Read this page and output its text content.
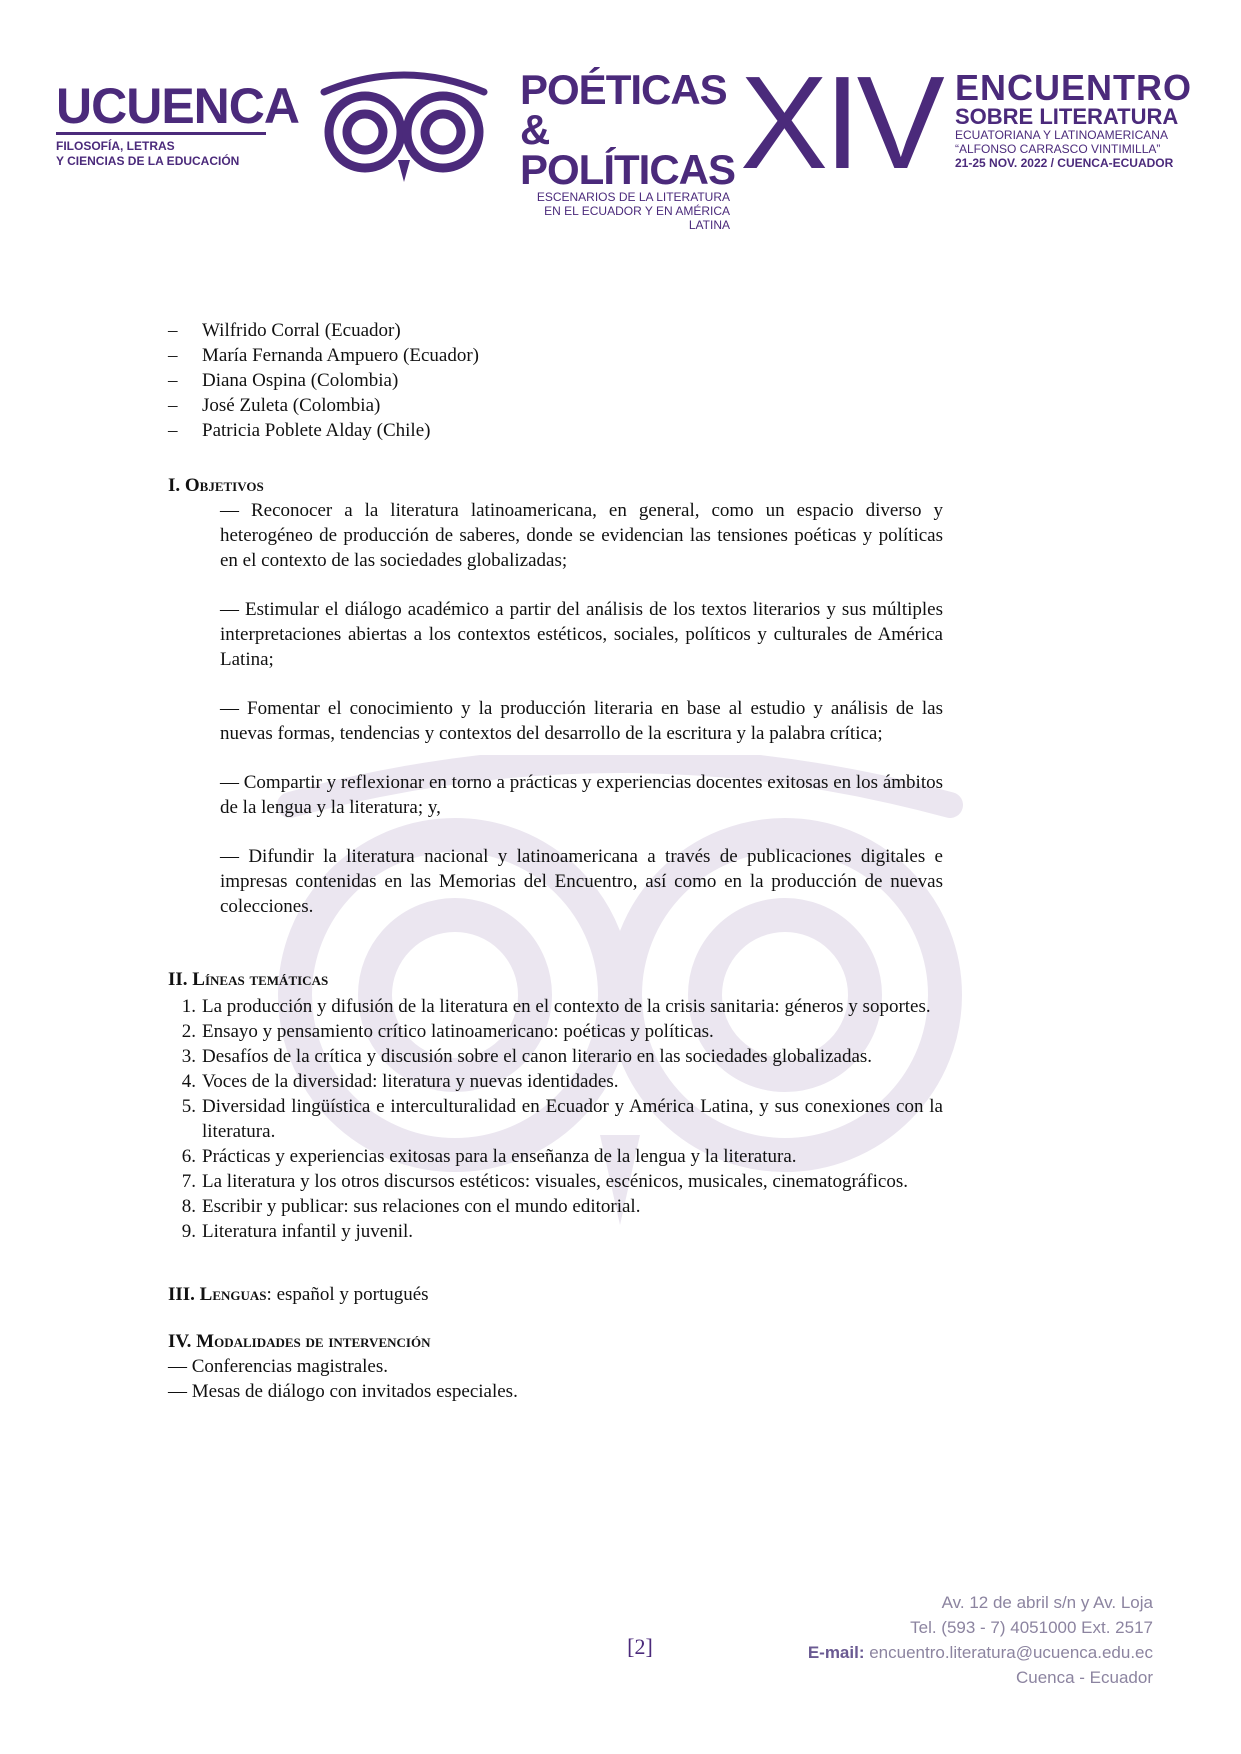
UCUENCA
FILOSOFÍA, LETRAS
Y CIENCIAS DE LA EDUCACIÓN
POÉTICAS
& POLÍTICAS
ESCENARIOS DE LA LITERATURA
EN EL ECUADOR Y EN AMÉRICA LATINA
XIV ENCUENTRO
SOBRE LITERATURA
ECUATORIANA Y LATINOAMERICANA
“ALFONSO CARRASCO VINTIMILLA”
21-25 NOV. 2022 / CUENCA-ECUADOR
–	Wilfrido Corral (Ecuador)
–	María Fernanda Ampuero (Ecuador)
–	Diana Ospina (Colombia)
–	José Zuleta (Colombia)
–	Patricia Poblete Alday (Chile)
I. Objetivos
— Reconocer a la literatura latinoamericana, en general, como un espacio diverso y heterogéneo de producción de saberes, donde se evidencian las tensiones poéticas y políticas en el contexto de las sociedades globalizadas;
— Estimular el diálogo académico a partir del análisis de los textos literarios y sus múltiples interpretaciones abiertas a los contextos estéticos, sociales, políticos y culturales de América Latina;
— Fomentar el conocimiento y la producción literaria en base al estudio y análisis de las nuevas formas, tendencias y contextos del desarrollo de la escritura y la palabra crítica;
— Compartir y reflexionar en torno a prácticas y experiencias docentes exitosas en los ámbitos de la lengua y la literatura; y,
— Difundir la literatura nacional y latinoamericana a través de publicaciones digitales e impresas contenidas en las Memorias del Encuentro, así como en la producción de nuevas colecciones.
II. Líneas temáticas
1. La producción y difusión de la literatura en el contexto de la crisis sanitaria: géneros y soportes.
2. Ensayo y pensamiento crítico latinoamericano: poéticas y políticas.
3. Desafíos de la crítica y discusión sobre el canon literario en las sociedades globalizadas.
4. Voces de la diversidad: literatura y nuevas identidades.
5. Diversidad lingüística e interculturalidad en Ecuador y América Latina, y sus conexiones con la literatura.
6. Prácticas y experiencias exitosas para la enseñanza de la lengua y la literatura.
7. La literatura y los otros discursos estéticos: visuales, escénicos, musicales, cinematográficos.
8. Escribir y publicar: sus relaciones con el mundo editorial.
9. Literatura infantil y juvenil.
III. Lenguas: español y portugués
IV. Modalidades de intervención
— Conferencias magistrales.
— Mesas de diálogo con invitados especiales.
[2]
Av. 12 de abril s/n y Av. Loja
Tel. (593 - 7) 4051000 Ext. 2517
E-mail: encuentro.literatura@ucuenca.edu.ec
Cuenca - Ecuador
